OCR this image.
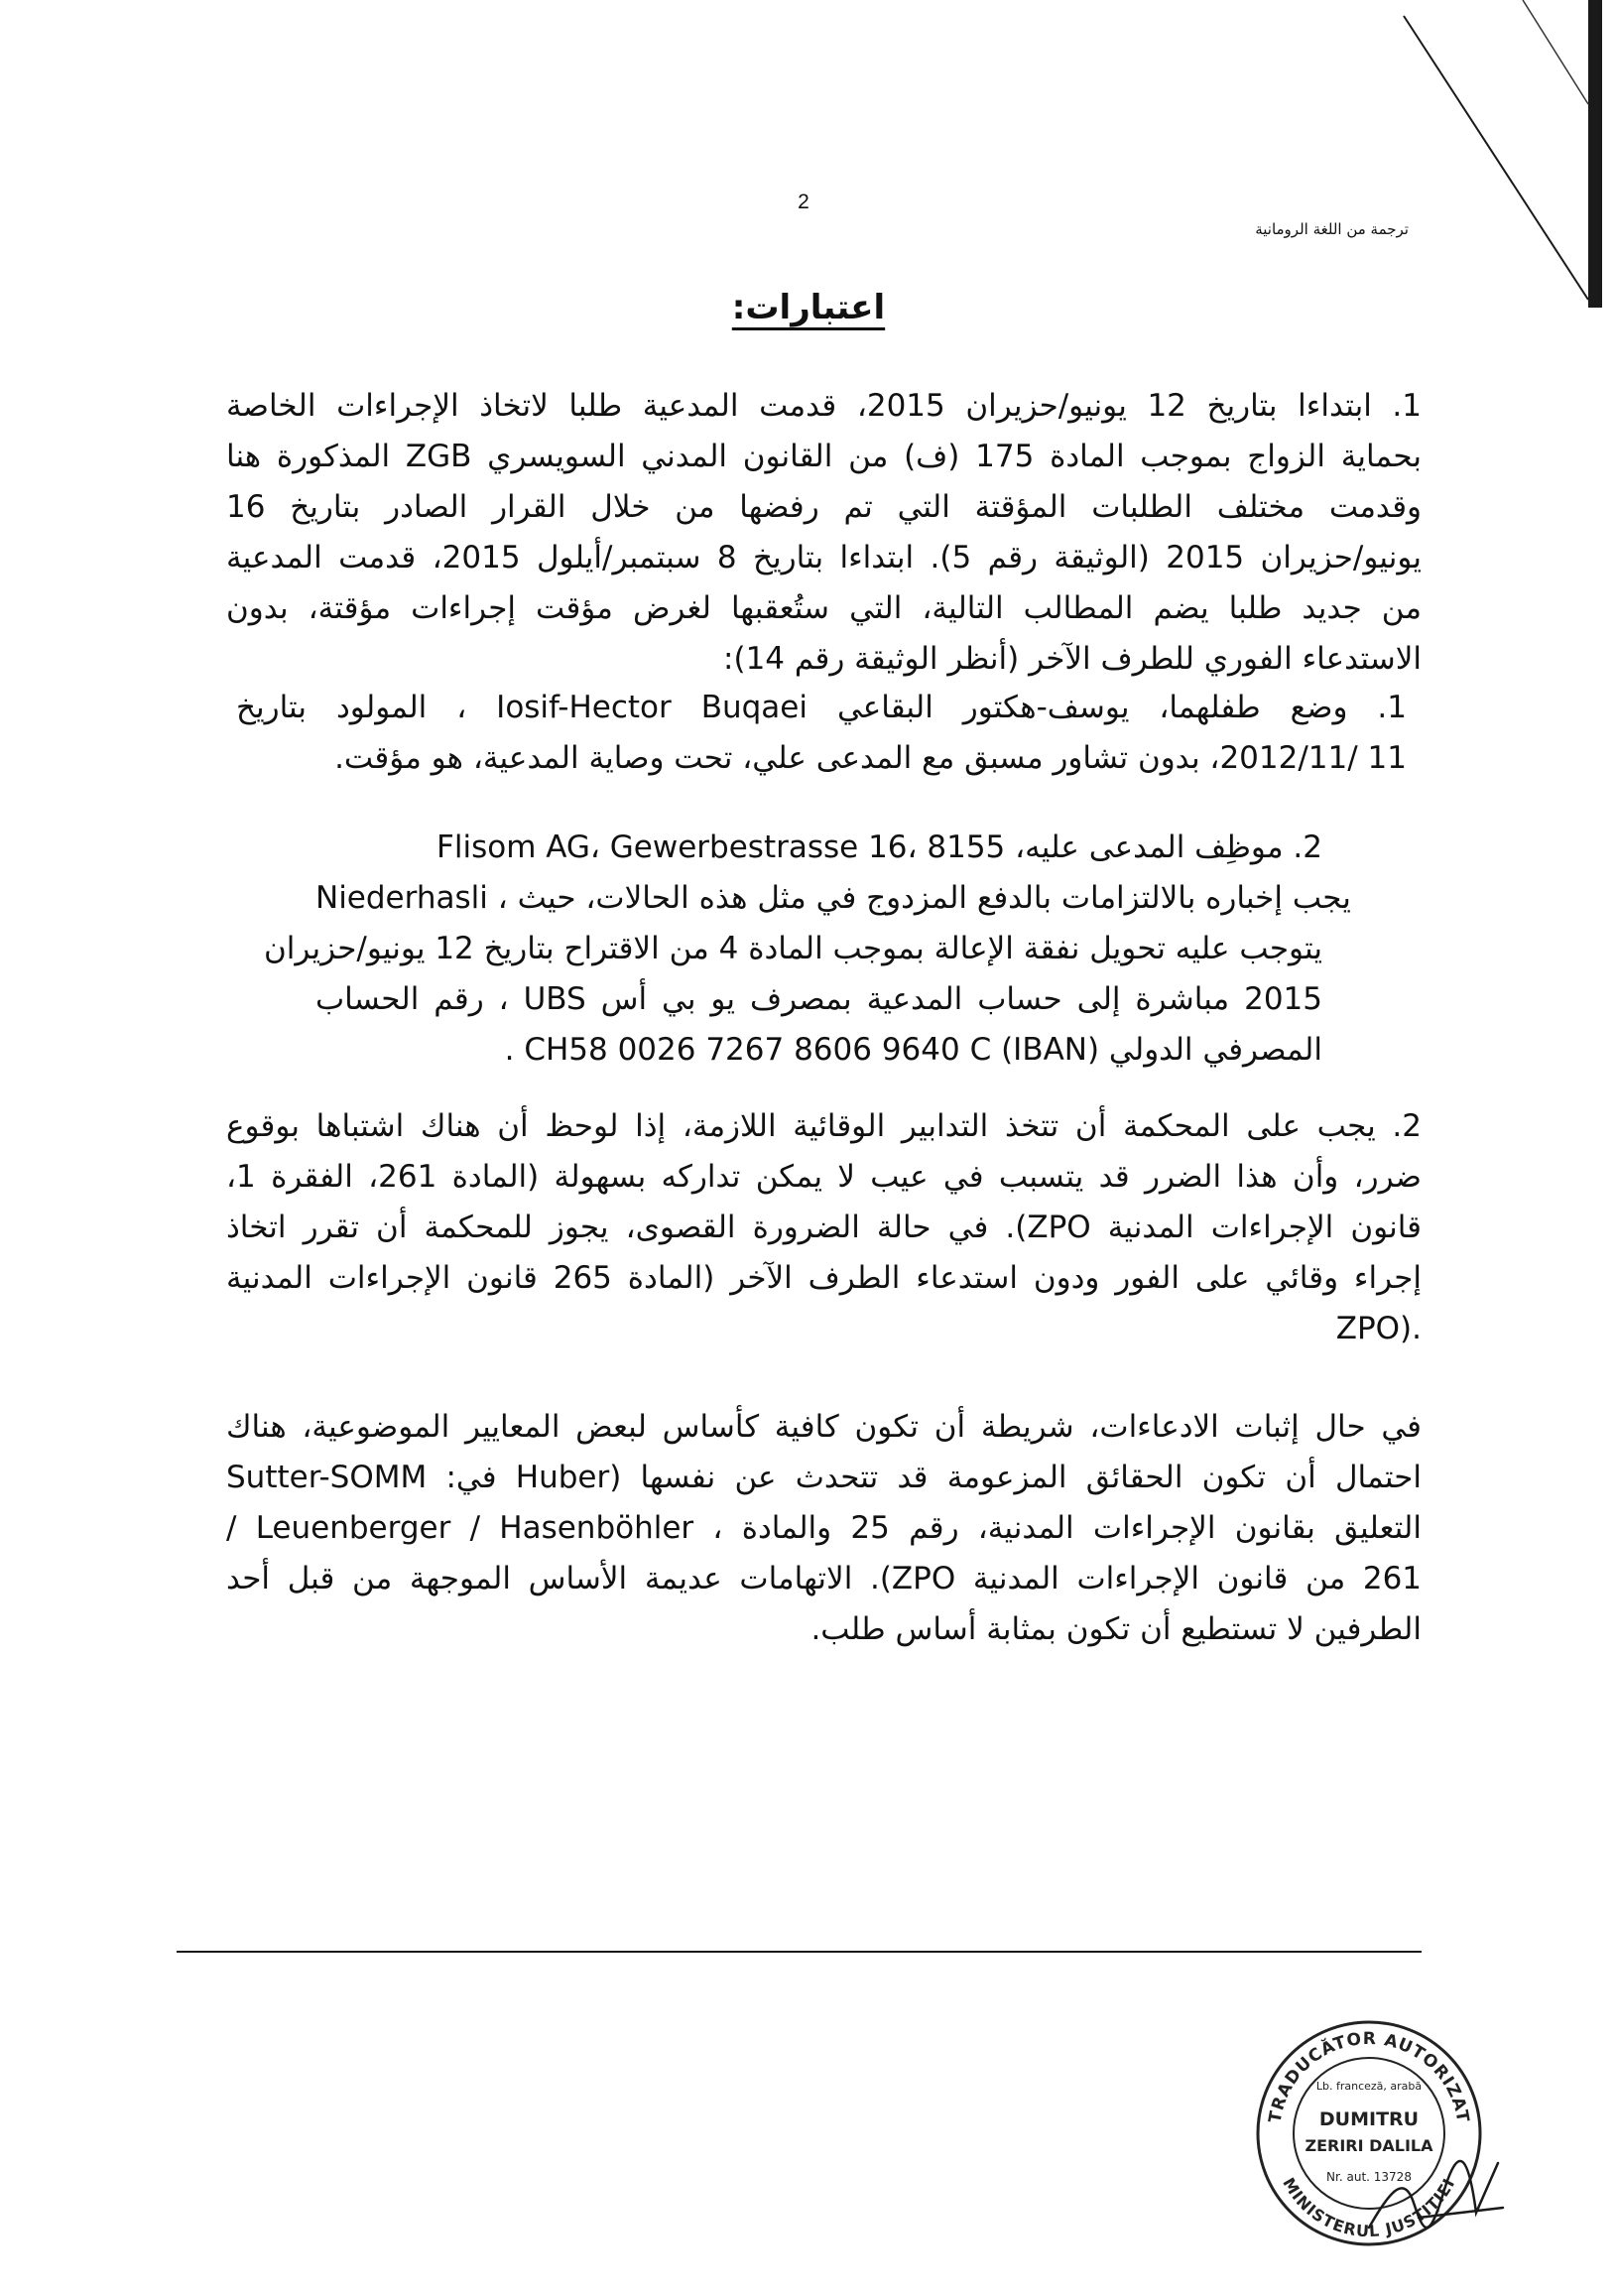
2
ترجمة من اللغة الرومانية
اعتبارات:
1. ابتداءا بتاريخ 12 يونيو/حزيران 2015، قدمت المدعية طلبا لاتخاذ الإجراءات الخاصة
بحماية الزواج بموجب المادة 175 (ف) من القانون المدني السويسري ZGB المذكورة هنا
وقدمت مختلف الطلبات المؤقتة التي تم رفضها من خلال القرار الصادر بتاريخ 16
يونيو/حزيران 2015 (الوثيقة رقم 5). ابتداءا بتاريخ 8 سبتمبر/أيلول 2015، قدمت المدعية
من جديد طلبا يضم المطالب التالية، التي ستُعقبها لغرض مؤقت إجراءات مؤقتة، بدون
الاستدعاء الفوري للطرف الآخر (أنظر الوثيقة رقم 14):
1. وضع طفلهما، يوسف-هكتور البقاعي Iosif-Hector Buqaei ، المولود بتاريخ
11 /2012/11، بدون تشاور مسبق مع المدعى علي، تحت وصاية المدعية، هو مؤقت.
2. موظِف المدعى عليه، Flisom AG، Gewerbestrasse 16، 8155
Niederhasli ، يجب إخباره بالالتزامات بالدفع المزدوج في مثل هذه الحالات، حيث
يتوجب عليه تحويل نفقة الإعالة بموجب المادة 4 من الاقتراح بتاريخ 12 يونيو/حزيران
2015 مباشرة إلى حساب المدعية بمصرف يو بي أس UBS ، رقم الحساب
المصرفي الدولي (IBAN) CH58 0026 7267 8606 9640 C .
2. يجب على المحكمة أن تتخذ التدابير الوقائية اللازمة، إذا لوحظ أن هناك اشتباها بوقوع
ضرر، وأن هذا الضرر قد يتسبب في عيب لا يمكن تداركه بسهولة (المادة 261، الفقرة 1،
قانون الإجراءات المدنية ZPO). في حالة الضرورة القصوى، يجوز للمحكمة أن تقرر اتخاذ
إجراء وقائي على الفور ودون استدعاء الطرف الآخر (المادة 265 قانون الإجراءات المدنية
ZPO).
في حال إثبات الادعاءات، شريطة أن تكون كافية كأساس لبعض المعايير الموضوعية، هناك
احتمال أن تكون الحقائق المزعومة قد تتحدث عن نفسها (Huber في: Sutter-SOMM
/ Leuenberger / Hasenböhler ، التعليق بقانون الإجراءات المدنية، رقم 25 والمادة
261 من قانون الإجراءات المدنية ZPO). الاتهامات عديمة الأساس الموجهة من قبل أحد
الطرفين لا تستطيع أن تكون بمثابة أساس طلب.
TRADUCĂTOR AUTORIZAT
Lb. franceză, arabă
DUMITRU
ZERIRI DALILA
Nr. aut. 13728
MINISTERUL JUSTIȚIEI
